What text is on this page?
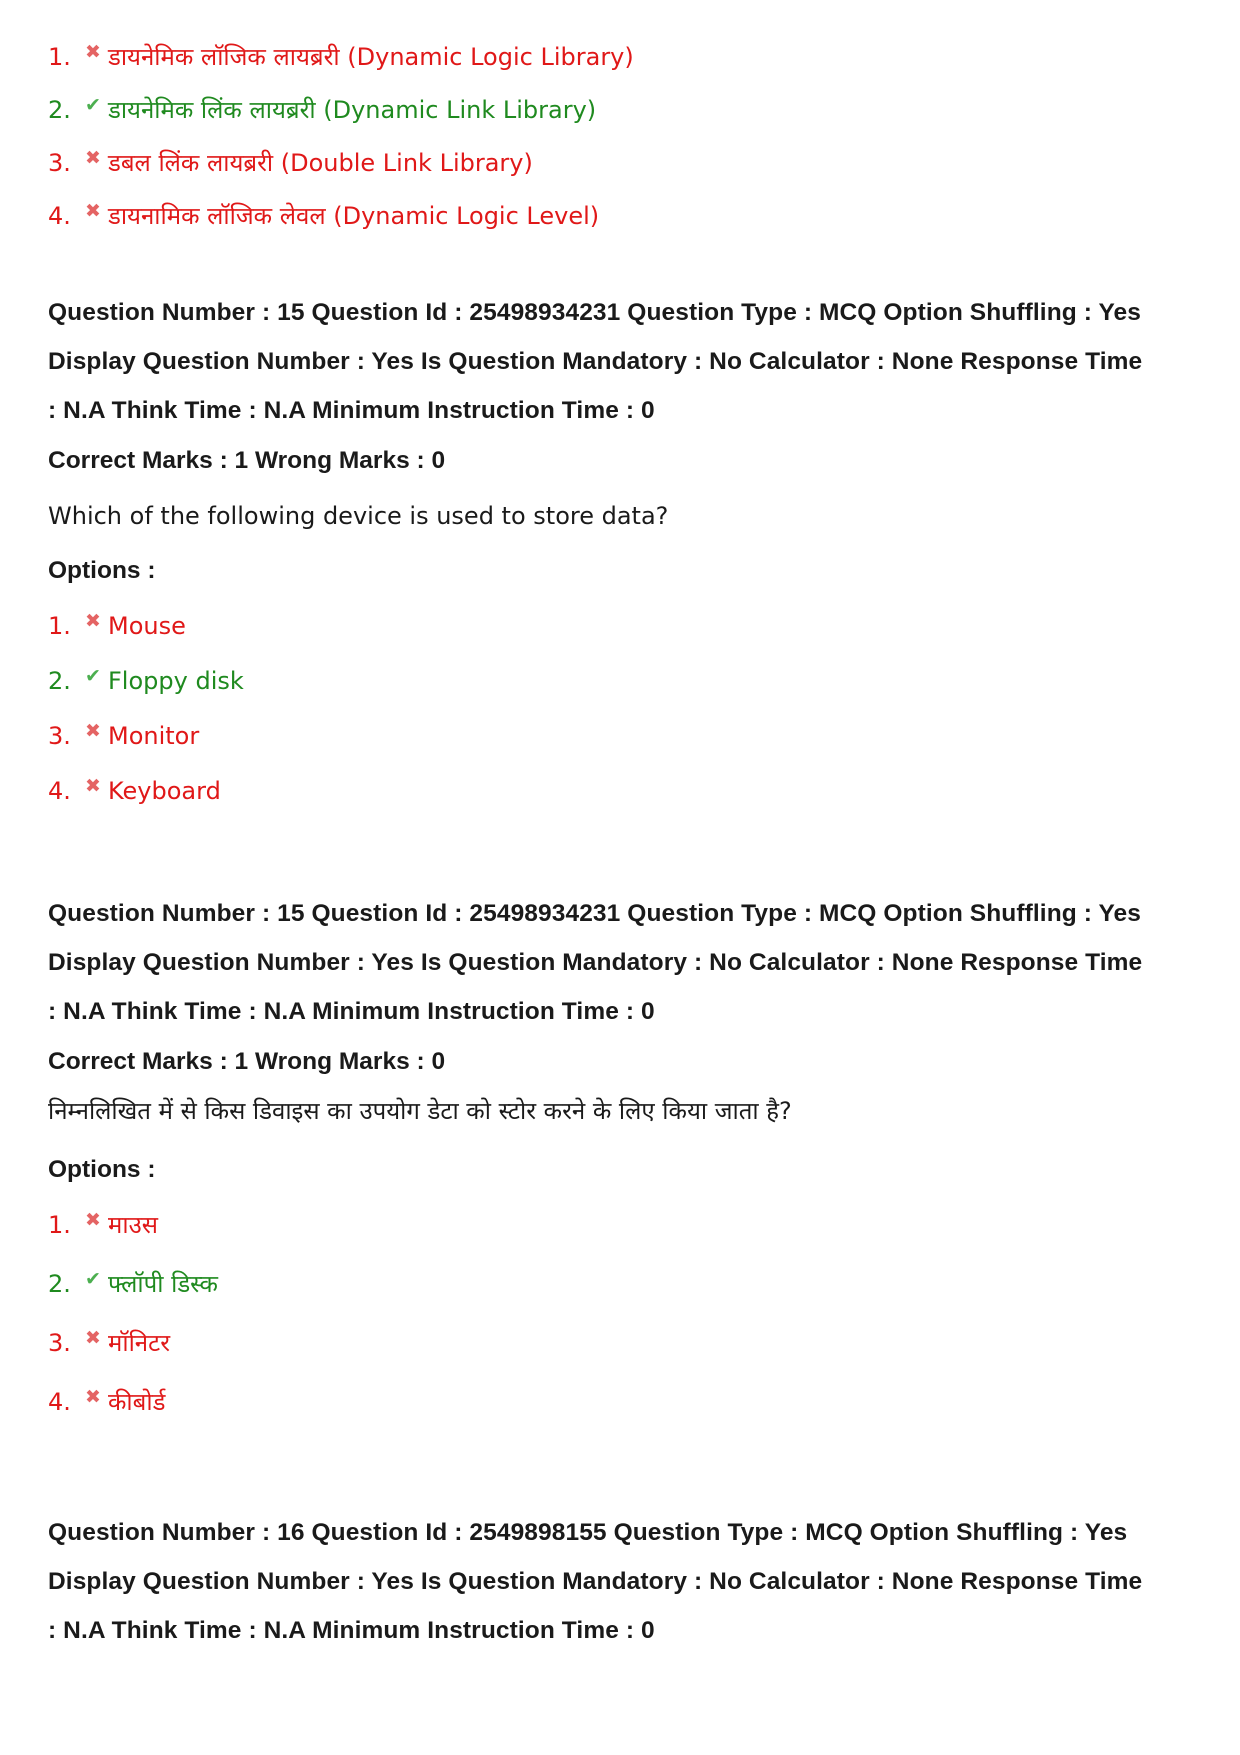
1. ✖ डायनेमिक लॉजिक लायब्ररी (Dynamic Logic Library)

2. ✔ डायनेमिक लिंक लायब्ररी (Dynamic Link Library)

3. ✖ डबल लिंक लायब्ररी (Double Link Library)

4. ✖ डायनामिक लॉजिक लेवल (Dynamic Logic Level)

Question Number : 15 Question Id : 25498934231 Question Type : MCQ Option Shuffling : Yes

Display Question Number : Yes Is Question Mandatory : No Calculator : None Response Time

: N.A Think Time : N.A Minimum Instruction Time : 0

Correct Marks : 1 Wrong Marks : 0

Which of the following device is used to store data?

Options :

1. ✖ Mouse

2. ✔ Floppy disk

3. ✖ Monitor

4. ✖ Keyboard

Question Number : 15 Question Id : 25498934231 Question Type : MCQ Option Shuffling : Yes

Display Question Number : Yes Is Question Mandatory : No Calculator : None Response Time

: N.A Think Time : N.A Minimum Instruction Time : 0

Correct Marks : 1 Wrong Marks : 0

निम्नलिखित में से किस डिवाइस का उपयोग डेटा को स्टोर करने के लिए किया जाता है?

Options :

1. ✖ माउस

2. ✔ फ्लॉपी डिस्क

3. ✖ मॉनिटर

4. ✖ कीबोर्ड

Question Number : 16 Question Id : 2549898155 Question Type : MCQ Option Shuffling : Yes

Display Question Number : Yes Is Question Mandatory : No Calculator : None Response Time

: N.A Think Time : N.A Minimum Instruction Time : 0
